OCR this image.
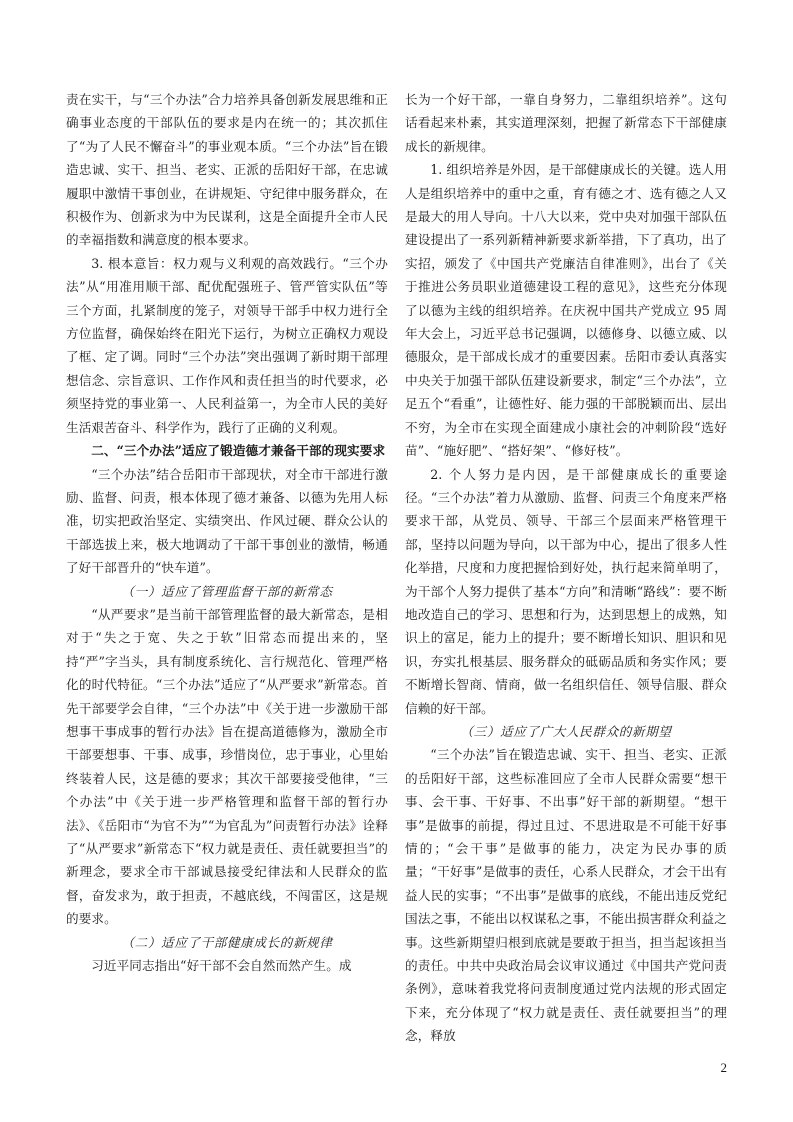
责在实干，与“三个办法”合力培养具备创新发展思维和正确事业态度的干部队伍的要求是内在统一的；其次抓住了“为了人民不懈奋斗”的事业观本质。“三个办法”旨在锻造忠诚、实干、担当、老实、正派的岳阳好干部，在忠诚履职中激情干事创业，在讲规矩、守纪律中服务群众，在积极作为、创新求为中为民谋利，这是全面提升全市人民的幸福指数和满意度的根本要求。

3. 根本意旨：权力观与义利观的高效践行。“三个办法”从“用准用顺干部、配优配强班子、管严管实队伍”等三个方面，扎紧制度的笼子，对领导干部手中权力进行全方位监督，确保始终在阳光下运行，为树立正确权力观设了框、定了调。同时“三个办法”突出强调了新时期干部理想信念、宗旨意识、工作作风和责任担当的时代要求，必须坚持党的事业第一、人民利益第一，为全市人民的美好生活艰苦奋斗、科学作为，践行了正确的义利观。

二、“三个办法”适应了锻造德才兼备干部的现实要求

“三个办法”结合岳阳市干部现状，对全市干部进行激励、监督、问责，根本体现了德才兼备、以德为先用人标准，切实把政治坚定、实绩突出、作风过硬、群众公认的干部选拔上来，极大地调动了干部干事创业的激情，畅通了好干部晋升的“快车道”。

（一）适应了管理监督干部的新常态

“从严要求”是当前干部管理监督的最大新常态，是相对于“失之于宽、失之于软”旧常态而提出来的，坚持“严”字当头，具有制度系统化、言行规范化、管理严格化的时代特征。“三个办法”适应了“从严要求”新常态。首先干部要学会自律，“三个办法”中《关于进一步激励干部想事干事成事的暂行办法》旨在提高道德修为，激励全市干部要想事、干事、成事，珍惜岗位，忠于事业，心里始终装着人民，这是德的要求；其次干部要接受他律，“三个办法”中《关于进一步严格管理和监督干部的暂行办法》、《岳阳市“为官不为”“为官乱为”问责暂行办法》诠释了“从严要求”新常态下“权力就是责任、责任就要担当”的新理念，要求全市干部诚恳接受纪律法和人民群众的监督，奋发求为，敢于担责，不越底线，不闯雷区，这是规的要求。

（二）适应了干部健康成长的新规律

习近平同志指出“好干部不会自然而然产生。成

长为一个好干部，一靠自身努力，二靠组织培养”。这句话看起来朴素，其实道理深刻，把握了新常态下干部健康成长的新规律。

1. 组织培养是外因，是干部健康成长的关键。选人用人是组织培养中的重中之重，育有德之才、选有德之人又是最大的用人导向。十八大以来，党中央对加强干部队伍建设提出了一系列新精神新要求新举措，下了真功，出了实招，颁发了《中国共产党廉洁自律准则》，出台了《关于推进公务员职业道德建设工程的意见》，这些充分体现了以德为主线的组织培养。在庆祝中国共产党成立 95 周年大会上，习近平总书记强调，以德修身、以德立威、以德服众，是干部成长成才的重要因素。岳阳市委认真落实中央关于加强干部队伍建设新要求，制定“三个办法”，立足五个“看重”，让德性好、能力强的干部脱颖而出、层出不穷，为全市在实现全面建成小康社会的冲刺阶段“选好苗”、“施好肥”、“搭好架”、“修好枝”。

2. 个人努力是内因，是干部健康成长的重要途径。“三个办法”着力从激励、监督、问责三个角度来严格要求干部，从党员、领导、干部三个层面来严格管理干部，坚持以问题为导向，以干部为中心，提出了很多人性化举措，尺度和力度把握恰到好处，执行起来简单明了，为干部个人努力提供了基本“方向”和清晰“路线”：要不断地改造自己的学习、思想和行为，达到思想上的成熟，知识上的富足，能力上的提升；要不断增长知识、胆识和见识，夯实扎根基层、服务群众的砥砺品质和务实作风；要不断增长智商、情商，做一名组织信任、领导信服、群众信赖的好干部。

（三）适应了广大人民群众的新期望

“三个办法”旨在锻造忠诚、实干、担当、老实、正派的岳阳好干部，这些标准回应了全市人民群众需要“想干事、会干事、干好事、不出事”好干部的新期望。“想干事”是做事的前提，得过且过、不思进取是不可能干好事情的；“会干事”是做事的能力，决定为民办事的质量；“干好事”是做事的责任，心系人民群众，才会干出有益人民的实事；“不出事”是做事的底线，不能出违反党纪国法之事，不能出以权谋私之事，不能出损害群众利益之事。这些新期望归根到底就是要敢于担当，担当起该担当的责任。中共中央政治局会议审议通过《中国共产党问责条例》，意味着我党将问责制度通过党内法规的形式固定下来，充分体现了“权力就是责任、责任就要担当”的理念，释放

2
